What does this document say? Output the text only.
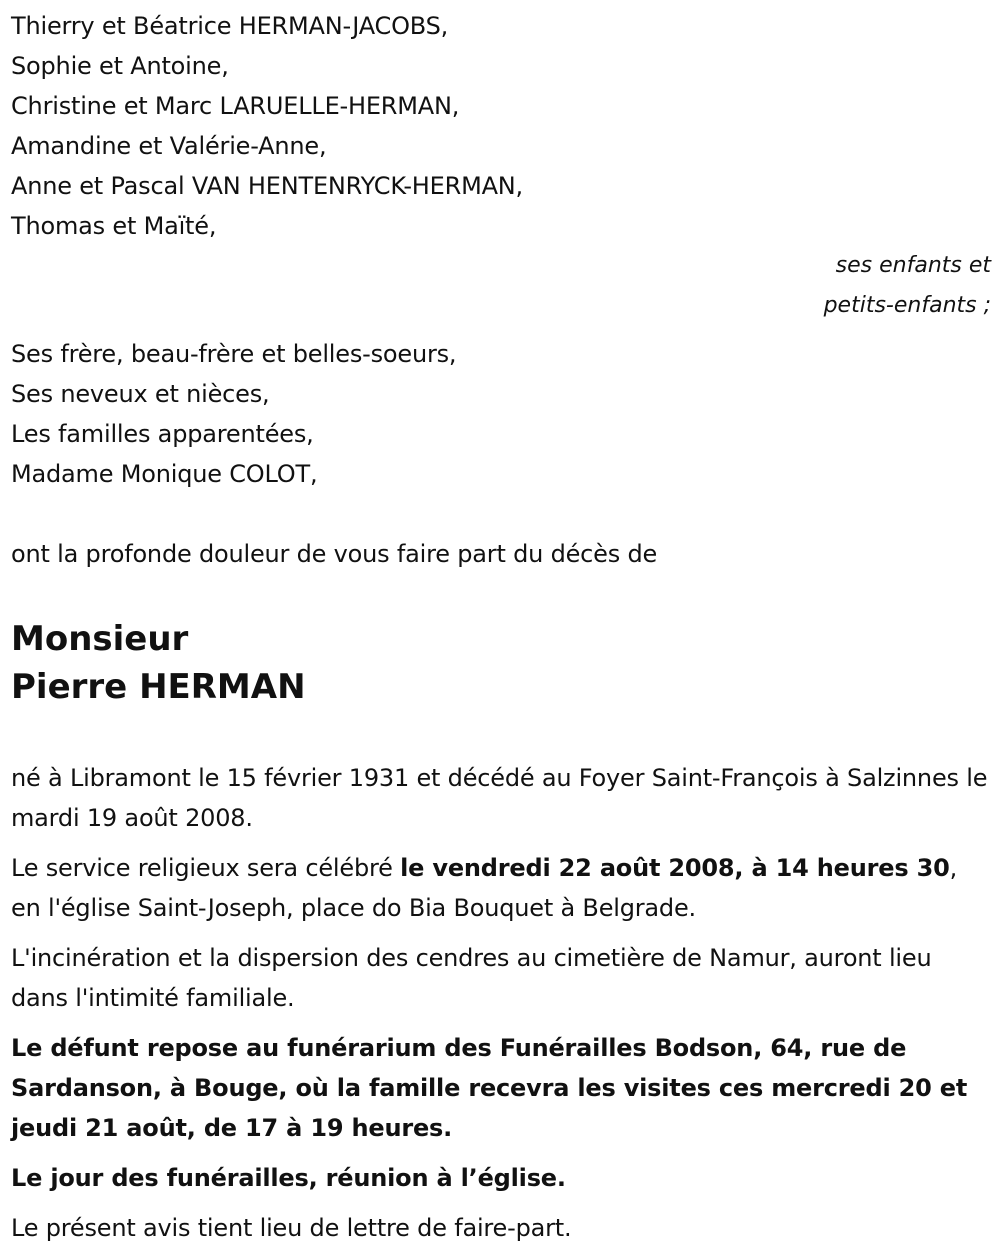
Thierry et Béatrice HERMAN-JACOBS,
Sophie et Antoine,
Christine et Marc LARUELLE-HERMAN,
Amandine et Valérie-Anne,
Anne et Pascal VAN HENTENRYCK-HERMAN,
Thomas et Maïté,
ses enfants et
petits-enfants ;
Ses frère, beau-frère et belles-soeurs,
Ses neveux et nièces,
Les familles apparentées,
Madame Monique COLOT,
ont la profonde douleur de vous faire part du décès de
Monsieur
Pierre HERMAN

né à Libramont le 15 février 1931 et décédé au Foyer Saint-François à Salzinnes le mardi 19 août 2008.

Le service religieux sera célébré le vendredi 22 août 2008, à 14 heures 30, en l'église Saint-Joseph, place do Bia Bouquet à Belgrade.

L'incinération et la dispersion des cendres au cimetière de Namur, auront lieu dans l'intimité familiale.

Le défunt repose au funérarium des Funérailles Bodson, 64, rue de Sardanson, à Bouge, où la famille recevra les visites ces mercredi 20 et jeudi 21 août, de 17 à 19 heures.

Le jour des funérailles, réunion à l’église.

Le présent avis tient lieu de lettre de faire-part.
